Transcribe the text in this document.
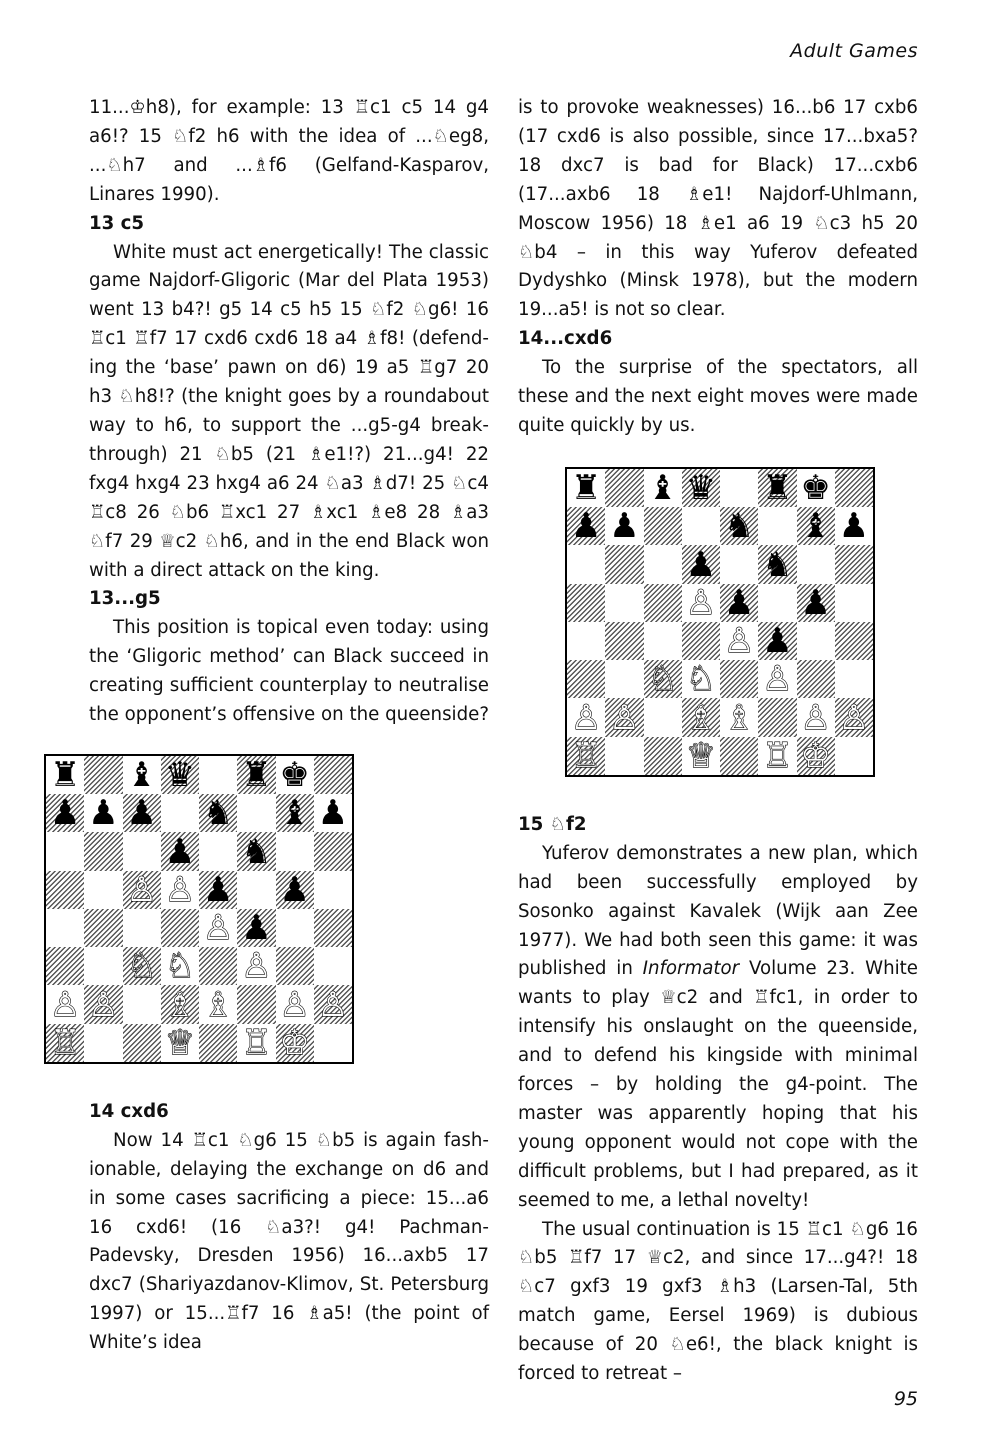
Adult Games

11...♔h8), for example: 13 ♖c1 c5 14 g4 a6!? 15 ♘f2 h6 with the idea of ...♘eg8, ...♘h7 and ...♗f6 (Gelfand-Kasparov, Linares 1990).

13 c5

White must act energetically! The classic game Najdorf-Gligoric (Mar del Plata 1953) went 13 b4?! g5 14 c5 h5 15 ♘f2 ♘g6! 16 ♖c1 ♖f7 17 cxd6 cxd6 18 a4 ♗f8! (defending the ‘base’ pawn on d6) 19 a5 ♖g7 20 h3 ♘h8!? (the knight goes by a roundabout way to h6, to support the ...g5-g4 breakthrough) 21 ♘b5 (21 ♗e1!?) 21...g4! 22 fxg4 hxg4 23 hxg4 a6 24 ♘a3 ♗d7! 25 ♘c4 ♖c8 26 ♘b6 ♖xc1 27 ♗xc1 ♗e8 28 ♗a3 ♘f7 29 ♕c2 ♘h6, and in the end Black won with a direct attack on the king.

13...g5

This position is topical even today: using the ‘Gligoric method’ can Black succeed in creating sufficient counterplay to neutralise the opponent’s offensive on the queenside?

♜ ♝ ♛ ♜ ♚
♟ ♟ ♟ ♞ ♝ ♟
♟ ♞
♙ ♙ ♟ ♟
♙ ♟
♘ ♘ ♙
♙ ♙ ♗ ♗ ♙ ♙
♖ ♕ ♖ ♔

14 cxd6

Now 14 ♖c1 ♘g6 15 ♘b5 is again fashionable, delaying the exchange on d6 and in some cases sacrificing a piece: 15...a6 16 cxd6! (16 ♘a3?! g4! Pachman-Padevsky, Dresden 1956) 16...axb5 17 dxc7 (Shariyazdanov-Klimov, St. Petersburg 1997) or 15...♖f7 16 ♗a5! (the point of White’s idea

is to provoke weaknesses) 16...b6 17 cxb6 (17 cxd6 is also possible, since 17...bxa5? 18 dxc7 is bad for Black) 17...cxb6 (17...axb6 18 ♗e1! Najdorf-Uhlmann, Moscow 1956) 18 ♗e1 a6 19 ♘c3 h5 20 ♘b4 – in this way Yuferov defeated Dydyshko (Minsk 1978), but the modern 19...a5! is not so clear.

14...cxd6

To the surprise of the spectators, all these and the next eight moves were made quite quickly by us.

♜ ♝ ♛ ♜ ♚
♟ ♟ ♞ ♝ ♟
♟ ♞
♙ ♟ ♟
♙ ♟
♘ ♘ ♙
♙ ♙ ♗ ♗ ♙ ♙
♖ ♕ ♖ ♔

15 ♘f2

Yuferov demonstrates a new plan, which had been successfully employed by Sosonko against Kavalek (Wijk aan Zee 1977). We had both seen this game: it was published in Informator Volume 23. White wants to play ♕c2 and ♖fc1, in order to intensify his onslaught on the queenside, and to defend his kingside with minimal forces – by holding the g4-point. The master was apparently hoping that his young opponent would not cope with the difficult problems, but I had prepared, as it seemed to me, a lethal novelty!

The usual continuation is 15 ♖c1 ♘g6 16 ♘b5 ♖f7 17 ♕c2, and since 17...g4?! 18 ♘c7 gxf3 19 gxf3 ♗h3 (Larsen-Tal, 5th match game, Eersel 1969) is dubious because of 20 ♘e6!, the black knight is forced to retreat –

95
